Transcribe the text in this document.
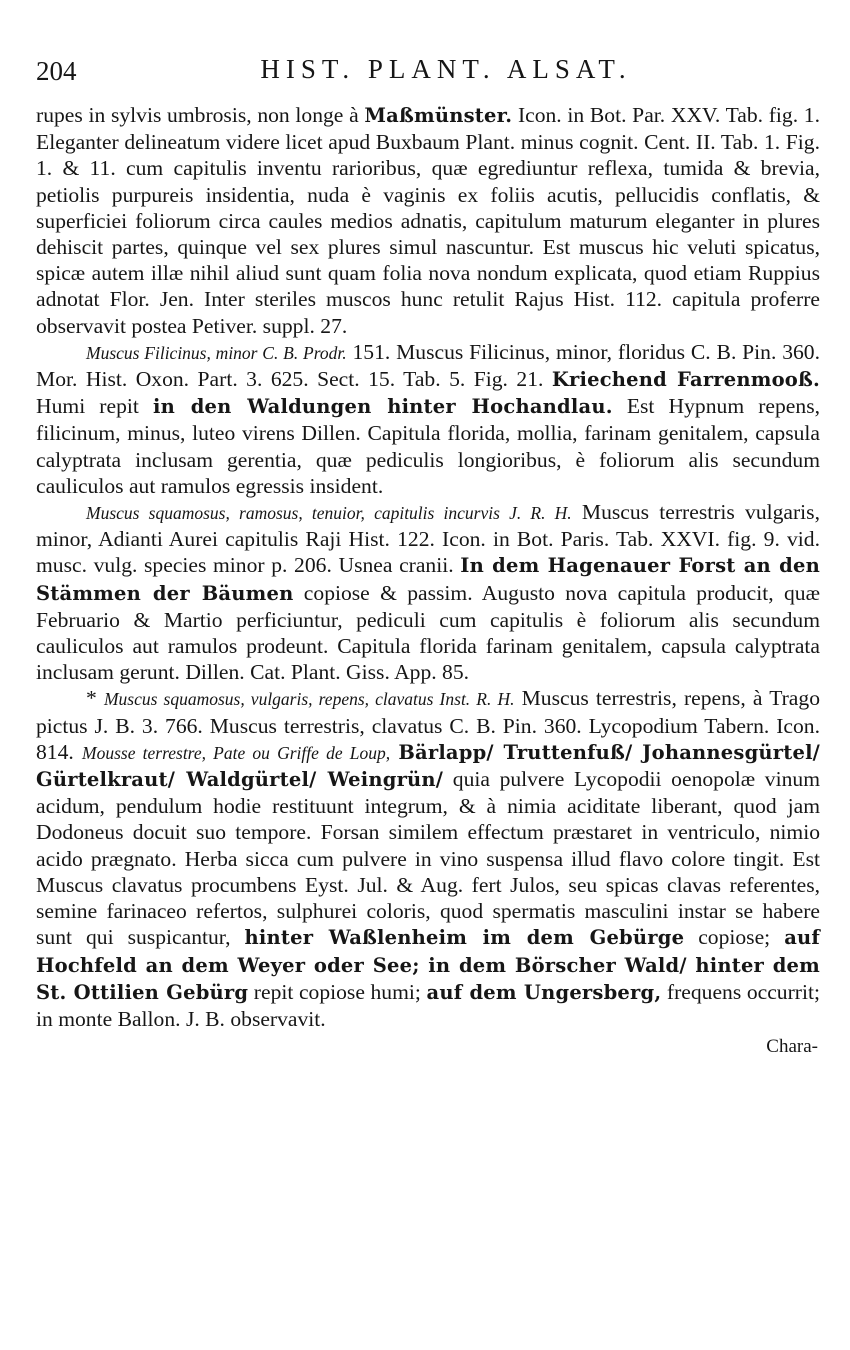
204	HIST. PLANT. ALSAT.

rupes in sylvis umbrosis, non longe à Maßmünster. Icon. in Bot. Par. XXV. Tab. fig. 1. Eleganter delineatum videre licet apud Buxbaum Plant. minus cognit. Cent. II. Tab. 1. Fig. 1. & 11. cum capitulis inventu rarioribus, quæ egrediuntur reflexa, tumida & brevia, petiolis purpureis insidentia, nuda è vaginis ex foliis acutis, pellucidis conflatis, & superficiei foliorum circa caules medios adnatis, capitulum maturum eleganter in plures dehiscit partes, quinque vel sex plures simul nascuntur. Est muscus hic veluti spicatus, spicæ autem illæ nihil aliud sunt quam folia nova nondum explicata, quod etiam Ruppius adnotat Flor. Jen. Inter steriles muscos hunc retulit Rajus Hist. 112. capitula proferre observavit postea Petiver. suppl. 27.

Muscus Filicinus, minor C. B. Prodr. 151. Muscus Filicinus, minor, floridus C. B. Pin. 360. Mor. Hist. Oxon. Part. 3. 625. Sect. 15. Tab. 5. Fig. 21. Kriechend Farrenmooß. Humi repit in den Waldungen hinter Hochandlau. Est Hypnum repens, filicinum, minus, luteo virens Dillen. Capitula florida, mollia, farinam genitalem, capsula calyptrata inclusam gerentia, quæ pediculis longioribus, è foliorum alis secundum cauliculos aut ramulos egressis insident.

Muscus squamosus, ramosus, tenuior, capitulis incurvis J. R. H. Muscus terrestris vulgaris, minor, Adianti Aurei capitulis Raji Hist. 122. Icon. in Bot. Paris. Tab. XXVI. fig. 9. vid. musc. vulg. species minor p. 206. Usnea cranii. In dem Hagenauer Forst an den Stämmen der Bäumen copiose & passim. Augusto nova capitula producit, quæ Februario & Martio perficiuntur, pediculi cum capitulis è foliorum alis secundum cauliculos aut ramulos prodeunt. Capitula florida farinam genitalem, capsula calyptrata inclusam gerunt. Dillen. Cat. Plant. Giss. App. 85.

* Muscus squamosus, vulgaris, repens, clavatus Inst. R. H. Muscus terrestris, repens, à Trago pictus J. B. 3. 766. Muscus terrestris, clavatus C. B. Pin. 360. Lycopodium Tabern. Icon. 814. Mousse terrestre, Pate ou Griffe de Loup, Bärlapp/ Truttenfuß/ Johannesgürtel/ Gürtelkraut/ Waldgürtel/ Weingrün/ quia pulvere Lycopodii oenopolæ vinum acidum, pendulum hodie restituunt integrum, & à nimia aciditate liberant, quod jam Dodoneus docuit suo tempore. Forsan similem effectum præstaret in ventriculo, nimio acido prægnato. Herba sicca cum pulvere in vino suspensa illud flavo colore tingit. Est Muscus clavatus procumbens Eyst. Jul. & Aug. fert Julos, seu spicas clavas referentes, semine farinaceo refertos, sulphurei coloris, quod spermatis masculini instar se habere sunt qui suspicantur, hinter Waßlenheim im dem Gebürge copiose; auf Hochfeld an dem Weyer oder See; in dem Börscher Wald/ hinter dem St. Ottilien Gebürg repit copiose humi; auf dem Ungersberg, frequens occurrit; in monte Ballon. J. B. observavit.

Chara-
